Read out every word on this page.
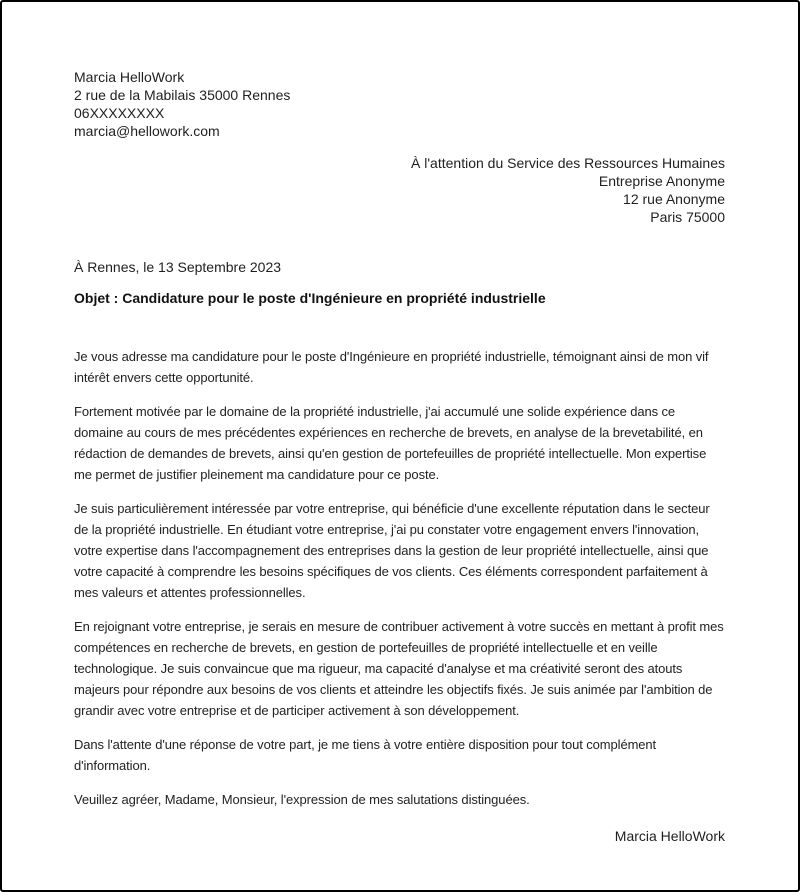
Marcia HelloWork
2 rue de la Mabilais 35000 Rennes
06XXXXXXXX
marcia@hellowork.com
À l'attention du Service des Ressources Humaines
Entreprise Anonyme
12 rue Anonyme
Paris 75000
À Rennes, le 13 Septembre 2023
Objet : Candidature pour le poste d'Ingénieure en propriété industrielle

Je vous adresse ma candidature pour le poste d'Ingénieure en propriété industrielle, témoignant ainsi de mon vif intérêt envers cette opportunité.

Fortement motivée par le domaine de la propriété industrielle, j'ai accumulé une solide expérience dans ce domaine au cours de mes précédentes expériences en recherche de brevets, en analyse de la brevetabilité, en rédaction de demandes de brevets, ainsi qu'en gestion de portefeuilles de propriété intellectuelle. Mon expertise me permet de justifier pleinement ma candidature pour ce poste.

Je suis particulièrement intéressée par votre entreprise, qui bénéficie d'une excellente réputation dans le secteur de la propriété industrielle. En étudiant votre entreprise, j'ai pu constater votre engagement envers l'innovation, votre expertise dans l'accompagnement des entreprises dans la gestion de leur propriété intellectuelle, ainsi que votre capacité à comprendre les besoins spécifiques de vos clients. Ces éléments correspondent parfaitement à mes valeurs et attentes professionnelles.

En rejoignant votre entreprise, je serais en mesure de contribuer activement à votre succès en mettant à profit mes compétences en recherche de brevets, en gestion de portefeuilles de propriété intellectuelle et en veille technologique. Je suis convaincue que ma rigueur, ma capacité d'analyse et ma créativité seront des atouts majeurs pour répondre aux besoins de vos clients et atteindre les objectifs fixés. Je suis animée par l'ambition de grandir avec votre entreprise et de participer activement à son développement.

Dans l'attente d'une réponse de votre part, je me tiens à votre entière disposition pour tout complément d'information.

Veuillez agréer, Madame, Monsieur, l'expression de mes salutations distinguées.

Marcia HelloWork
